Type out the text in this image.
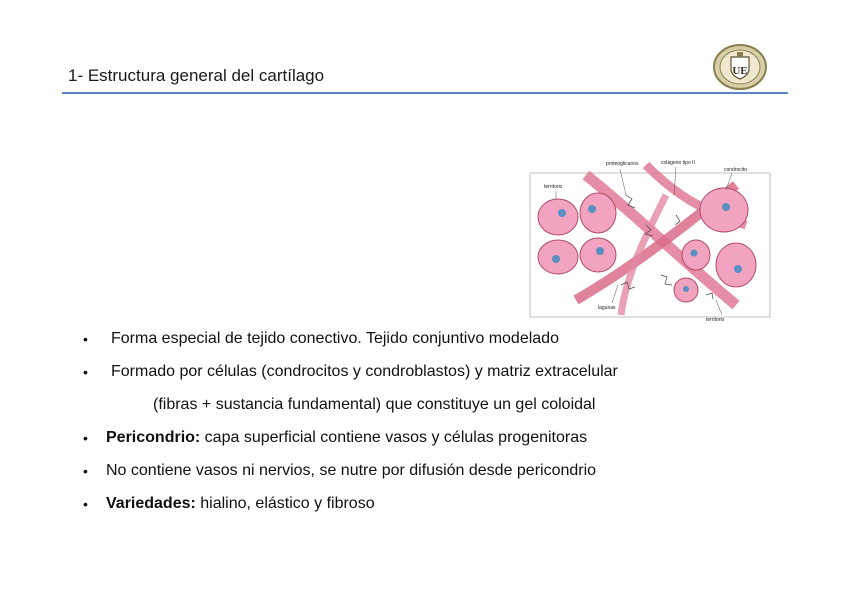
1- Estructura general del cartílago	UE
proteoglicanos	colágeno tipo II
condrocito
territorio
lagunas
territorio
• Forma especial de tejido conectivo. Tejido conjuntivo modelado
• Formado por células (condrocitos y condroblastos) y matriz extracelular
(fibras + sustancia fundamental) que constituye un gel coloidal
• Pericondrio: capa superficial contiene vasos y células progenitoras
• No contiene vasos ni nervios, se nutre por difusión desde pericondrio
• Variedades: hialino, elástico y fibroso
